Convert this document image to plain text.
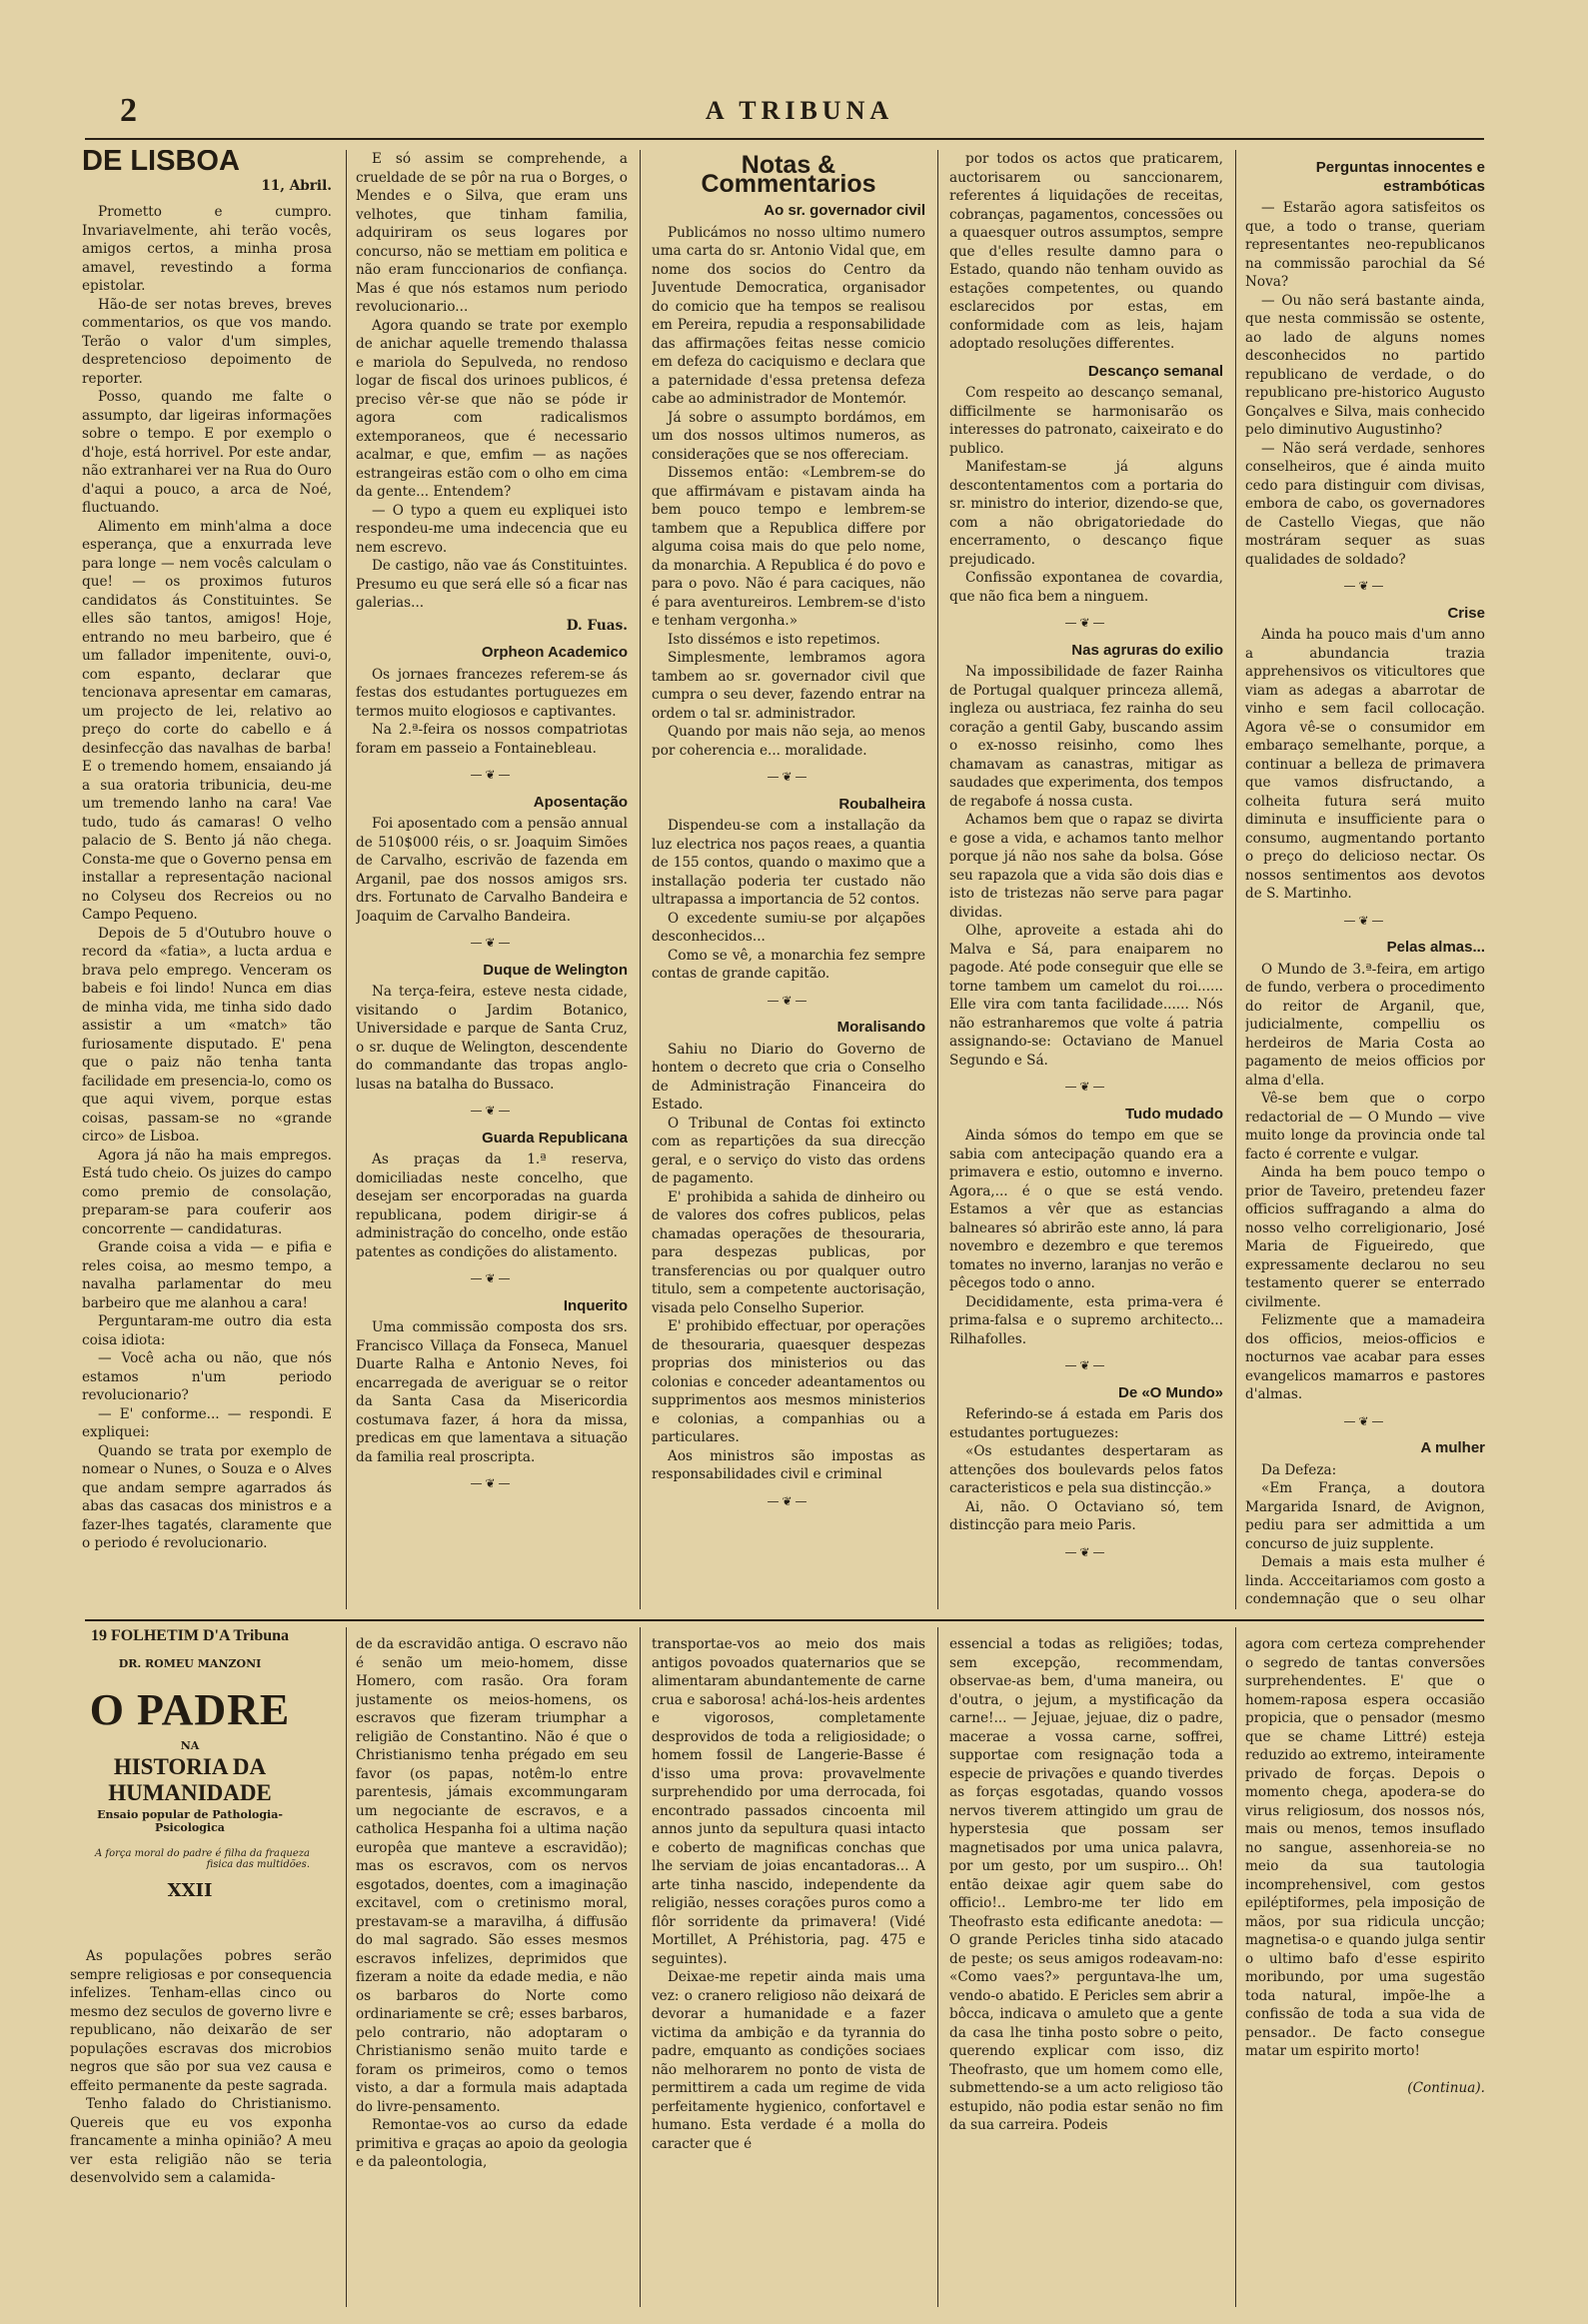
2	A TRIBUNA
DE LISBOA
11, Abril.

Prometto e cumpro. Invariavelmente, ahi terão vocês, amigos certos, a minha prosa amavel, revestindo a forma epistolar.

Hão-de ser notas breves, breves commentarios, os que vos mando. Terão o valor d'um simples, despretencioso depoimento de reporter.

Posso, quando me falte o assumpto, dar ligeiras informações sobre o tempo. E por exemplo o d'hoje, está horrivel. Por este andar, não extranharei ver na Rua do Ouro d'aqui a pouco, a arca de Noé, fluctuando.

Alimento em minh'alma a doce esperança, que a enxurrada leve para longe — nem vocês calculam o que! — os proximos futuros candidatos ás Constituintes. Se elles são tantos, amigos! Hoje, entrando no meu barbeiro, que é um fallador impenitente, ouvi-o, com espanto, declarar que tencionava apresentar em camaras, um projecto de lei, relativo ao preço do corte do cabello e á desinfecção das navalhas de barba! E o tremendo homem, ensaiando já a sua oratoria tribunicia, deu-me um tremendo lanho na cara! Vae tudo, tudo ás camaras! O velho palacio de S. Bento já não chega. Consta-me que o Governo pensa em installar a representação nacional no Colyseu dos Recreios ou no Campo Pequeno.

Depois de 5 d'Outubro houve o record da «fatia», a lucta ardua e brava pelo emprego. Venceram os babeis e foi lindo! Nunca em dias de minha vida, me tinha sido dado assistir a um «match» tão furiosamente disputado. E' pena que o paiz não tenha tanta facilidade em presencia-lo, como os que aqui vivem, porque estas coisas, passam-se no «grande circo» de Lisboa.

Agora já não ha mais empregos. Está tudo cheio. Os juizes do campo como premio de consolação, preparam-se para couferir aos concorrente — candidaturas.

Grande coisa a vida — e pifia e reles coisa, ao mesmo tempo, a navalha parlamentar do meu barbeiro que me alanhou a cara!

Perguntaram-me outro dia esta coisa idiota:

— Você acha ou não, que nós estamos n'um periodo revolucionario?

— E' conforme... — respondi. E expliquei:

Quando se trata por exemplo de nomear o Nunes, o Souza e o Alves que andam sempre agarrados ás abas das casacas dos ministros e a fazer-lhes tagatés, claramente que o periodo é revolucionario.

E só assim se comprehende, a crueldade de se pôr na rua o Borges, o Mendes e o Silva, que eram uns velhotes, que tinham familia, adquiriram os seus logares por concurso, não se mettiam em politica e não eram funccionarios de confiança. Mas é que nós estamos num periodo revolucionario...

Agora quando se trate por exemplo de anichar aquelle tremendo thalassa e mariola do Sepulveda, no rendoso logar de fiscal dos urinoes publicos, é preciso vêr-se que não se póde ir agora com radicalismos extemporaneos, que é necessario acalmar, e que, emfim — as nações estrangeiras estão com o olho em cima da gente... Entendem?

— O typo a quem eu expliquei isto respondeu-me uma indecencia que eu nem escrevo.

De castigo, não vae ás Constituintes. Presumo eu que será elle só a ficar nas galerias...

D. Fuas.
Orpheon Academico

Os jornaes francezes referem-se ás festas dos estudantes portuguezes em termos muito elogiosos e captivantes.

Na 2.ª-feira os nossos compatriotas foram em passeio a Fontainebleau.

—❦—
Aposentação

Foi aposentado com a pensão annual de 510$000 réis, o sr. Joaquim Simões de Carvalho, escrivão de fazenda em Arganil, pae dos nossos amigos srs. drs. Fortunato de Carvalho Bandeira e Joaquim de Carvalho Bandeira.

—❦—
Duque de Welington

Na terça-feira, esteve nesta cidade, visitando o Jardim Botanico, Universidade e parque de Santa Cruz, o sr. duque de Welington, descendente do commandante das tropas anglo-lusas na batalha do Bussaco.

—❦—
Guarda Republicana

As praças da 1.ª reserva, domiciliadas neste concelho, que desejam ser encorporadas na guarda republicana, podem dirigir-se á administração do concelho, onde estão patentes as condições do alistamento.

—❦—
Inquerito

Uma commissão composta dos srs. Francisco Villaça da Fonseca, Manuel Duarte Ralha e Antonio Neves, foi encarregada de averiguar se o reitor da Santa Casa da Misericordia costumava fazer, á hora da missa, predicas em que lamentava a situação da familia real proscripta.

—❦—
Notas & Commentarios
Ao sr. governador civil

Publicámos no nosso ultimo numero uma carta do sr. Antonio Vidal que, em nome dos socios do Centro da Juventude Democratica, organisador do comicio que ha tempos se realisou em Pereira, repudia a responsabilidade das affirmações feitas nesse comicio em defeza do caciquismo e declara que a paternidade d'essa pretensa defeza cabe ao administrador de Montemór.

Já sobre o assumpto bordámos, em um dos nossos ultimos numeros, as considerações que se nos offereciam.

Dissemos então: «Lembrem-se do que affirmávam e pistavam ainda ha bem pouco tempo e lembrem-se tambem que a Republica differe por alguma coisa mais do que pelo nome, da monarchia. A Republica é do povo e para o povo. Não é para caciques, não é para aventureiros. Lembrem-se d'isto e tenham vergonha.»

Isto dissémos e isto repetimos.

Simplesmente, lembramos agora tambem ao sr. governador civil que cumpra o seu dever, fazendo entrar na ordem o tal sr. administrador.

Quando por mais não seja, ao menos por coherencia e... moralidade.

—❦—
Roubalheira

Dispendeu-se com a installação da luz electrica nos paços reaes, a quantia de 155 contos, quando o maximo que a installação poderia ter custado não ultrapassa a importancia de 52 contos.

O excedente sumiu-se por alçapões desconhecidos...

Como se vê, a monarchia fez sempre contas de grande capitão.

—❦—
Moralisando

Sahiu no Diario do Governo de hontem o decreto que cria o Conselho de Administração Financeira do Estado.

O Tribunal de Contas foi extincto com as repartições da sua direcção geral, e o serviço do visto das ordens de pagamento.

E' prohibida a sahida de dinheiro ou de valores dos cofres publicos, pelas chamadas operações de thesouraria, para despezas publicas, por transferencias ou por qualquer outro titulo, sem a competente auctorisação, visada pelo Conselho Superior.

E' prohibido effectuar, por operações de thesouraria, quaesquer despezas proprias dos ministerios ou das colonias e conceder adeantamentos ou supprimentos aos mesmos ministerios e colonias, a companhias ou a particulares.

Aos ministros são impostas as responsabilidades civil e criminal

—❦—

por todos os actos que praticarem, auctorisarem ou sanccionarem, referentes á liquidações de receitas, cobranças, pagamentos, concessões ou a quaesquer outros assumptos, sempre que d'elles resulte damno para o Estado, quando não tenham ouvido as estações competentes, ou quando esclarecidos por estas, em conformidade com as leis, hajam adoptado resoluções differentes.

Descanço semanal

Com respeito ao descanço semanal, difficilmente se harmonisarão os interesses do patronato, caixeirato e do publico.

Manifestam-se já alguns descontentamentos com a portaria do sr. ministro do interior, dizendo-se que, com a não obrigatoriedade do encerramento, o descanço fique prejudicado.

Confissão expontanea de covardia, que não fica bem a ninguem.

—❦—
Nas agruras do exilio

Na impossibilidade de fazer Rainha de Portugal qualquer princeza allemã, ingleza ou austriaca, fez rainha do seu coração a gentil Gaby, buscando assim o ex-nosso reisinho, como lhes chamavam as canastras, mitigar as saudades que experimenta, dos tempos de regabofe á nossa custa.

Achamos bem que o rapaz se divirta e gose a vida, e achamos tanto melhor porque já não nos sahe da bolsa. Góse seu rapazola que a vida são dois dias e isto de tristezas não serve para pagar dividas.

Olhe, aproveite a estada ahi do Malva e Sá, para enaiparem no pagode. Até pode conseguir que elle se torne tambem um camelot du roi...... Elle vira com tanta facilidade...... Nós não estranharemos que volte á patria assignando-se: Octaviano de Manuel Segundo e Sá.

—❦—
Tudo mudado

Ainda sómos do tempo em que se sabia com antecipação quando era a primavera e estio, outomno e inverno. Agora,... é o que se está vendo. Estamos a vêr que as estancias balneares só abrirão este anno, lá para novembro e dezembro e que teremos tomates no inverno, laranjas no verão e pêcegos todo o anno.

Decididamente, esta prima-vera é prima-falsa e o supremo architecto... Rilhafolles.

—❦—
De «O Mundo»

Referindo-se á estada em Paris dos estudantes portuguezes:

«Os estudantes despertaram as attenções dos boulevards pelos fatos caracteristicos e pela sua distincção.»

Ai, não. O Octaviano só, tem distincção para meio Paris.

—❦—
Perguntas innocentes e estrambóticas

— Estarão agora satisfeitos os que, a todo o transe, queriam representantes neo-republicanos na commissão parochial da Sé Nova?

— Ou não será bastante ainda, que nesta commissão se ostente, ao lado de alguns nomes desconhecidos no partido republicano de verdade, o do republicano pre-historico Augusto Gonçalves e Silva, mais conhecido pelo diminutivo Augustinho?

— Não será verdade, senhores conselheiros, que é ainda muito cedo para distinguir com divisas, embora de cabo, os governadores de Castello Viegas, que não mostráram sequer as suas qualidades de soldado?

—❦—
Crise

Ainda ha pouco mais d'um anno a abundancia trazia apprehensivos os viticultores que viam as adegas a abarrotar de vinho e sem facil collocação. Agora vê-se o consumidor em embaraço semelhante, porque, a continuar a belleza de primavera que vamos disfructando, a colheita futura será muito diminuta e insufficiente para o consumo, augmentando portanto o preço do delicioso nectar. Os nossos sentimentos aos devotos de S. Martinho.

—❦—
Pelas almas...

O Mundo de 3.ª-feira, em artigo de fundo, verbera o procedimento do reitor de Arganil, que, judicialmente, compelliu os herdeiros de Maria Costa ao pagamento de meios officios por alma d'ella.

Vê-se bem que o corpo redactorial de — O Mundo — vive muito longe da provincia onde tal facto é corrente e vulgar.

Ainda ha bem pouco tempo o prior de Taveiro, pretendeu fazer officios suffragando a alma do nosso velho correligionario, José Maria de Figueiredo, que expressamente declarou no seu testamento querer se enterrado civilmente.

Felizmente que a mamadeira dos officios, meios-officios e nocturnos vae acabar para esses evangelicos mamarros e pastores d'almas.

—❦—
A mulher

Da Defeza:

«Em França, a doutora Margarida Isnard, de Avignon, pediu para ser admittida a um concurso de juiz supplente.

Demais a mais esta mulher é linda. Accceitariamos com gosto a condemnação que o seu olhar

19 FOLHETIM D'A Tribuna
DR. ROMEU MANZONI
O PADRE
NA
HISTORIA DA HUMANIDADE
Ensaio popular de Pathologia-Psicologica
A força moral do padre é filha da fraqueza fisica das multidões.
XXII

As populações pobres serão sempre religiosas e por consequencia infelizes. Tenham-ellas cinco ou mesmo dez seculos de governo livre e republicano, não deixarão de ser populações escravas dos microbios negros que são por sua vez causa e effeito permanente da peste sagrada.

Tenho falado do Christianismo. Quereis que eu vos exponha francamente a minha opinião? A meu ver esta religião não se teria desenvolvido sem a calamida-

de da escravidão antiga. O escravo não é senão um meio-homem, disse Homero, com rasão. Ora foram justamente os meios-homens, os escravos que fizeram triumphar a religião de Constantino. Não é que o Christianismo tenha prégado em seu favor (os papas, notêm-lo entre parentesis, jámais excommungaram um negociante de escravos, e a catholica Hespanha foi a ultima nação europêa que manteve a escravidão); mas os escravos, com os nervos esgotados, doentes, com a imaginação excitavel, com o cretinismo moral, prestavam-se a maravilha, á diffusão do mal sagrado. São esses mesmos escravos infelizes, deprimidos que fizeram a noite da edade media, e não os barbaros do Norte como ordinariamente se crê; esses barbaros, pelo contrario, não adoptaram o Christianismo senão muito tarde e foram os primeiros, como o temos visto, a dar a formula mais adaptada do livre-pensamento.

Remontae-vos ao curso da edade primitiva e graças ao apoio da geologia e da paleontologia,

transportae-vos ao meio dos mais antigos povoados quaternarios que se alimentaram abundantemente de carne crua e saborosa! achá-los-heis ardentes e vigorosos, completamente desprovidos de toda a religiosidade; o homem fossil de Langerie-Basse é d'isso uma prova: provavelmente surprehendido por uma derrocada, foi encontrado passados cincoenta mil annos junto da sepultura quasi intacto e coberto de magnificas conchas que lhe serviam de joias encantadoras... A arte tinha nascido, independente da religião, nesses corações puros como a flôr sorridente da primavera! (Vidé Mortillet, A Préhistoria, pag. 475 e seguintes).

Deixae-me repetir ainda mais uma vez: o cranero religioso não deixará de devorar a humanidade e a fazer victima da ambição e da tyrannia do padre, emquanto as condições sociaes não melhorarem no ponto de vista de permittirem a cada um regime de vida perfeitamente hygienico, confortavel e humano. Esta verdade é a molla do caracter que é

essencial a todas as religiões; todas, sem excepção, recommendam, observae-as bem, d'uma maneira, ou d'outra, o jejum, a mystificação da carne!... — Jejuae, jejuae, diz o padre, macerae a vossa carne, soffrei, supportae com resignação toda a especie de privações e quando tiverdes as forças esgotadas, quando vossos nervos tiverem attingido um grau de hyperstesia que possam ser magnetisados por uma unica palavra, por um gesto, por um suspiro... Oh! então deixae agir quem sabe do officio!.. Lembro-me ter lido em Theofrasto esta edificante anedota: — O grande Pericles tinha sido atacado de peste; os seus amigos rodeavam-no: «Como vaes?» perguntava-lhe um, vendo-o abatido. E Pericles sem abrir a bôcca, indicava o amuleto que a gente da casa lhe tinha posto sobre o peito, querendo explicar com isso, diz Theofrasto, que um homem como elle, submettendo-se a um acto religioso tão estupido, não podia estar senão no fim da sua carreira. Podeis

agora com certeza comprehender o segredo de tantas conversões surprehendentes. E' que o homem-raposa espera occasião propicia, que o pensador (mesmo que se chame Littré) esteja reduzido ao extremo, inteiramente privado de forças. Depois o momento chega, apodera-se do virus religiosum, dos nossos nós, mais ou menos, temos insuflado no sangue, assenhoreia-se no meio da sua tautologia incomprehensivel, com gestos epiléptiformes, pela imposição de mãos, por sua ridicula uncção; magnetisa-o e quando julga sentir o ultimo bafo d'esse espirito moribundo, por uma sugestão toda natural, impõe-lhe a confissão de toda a sua vida de pensador.. De facto consegue matar um espirito morto!

(Continua).
